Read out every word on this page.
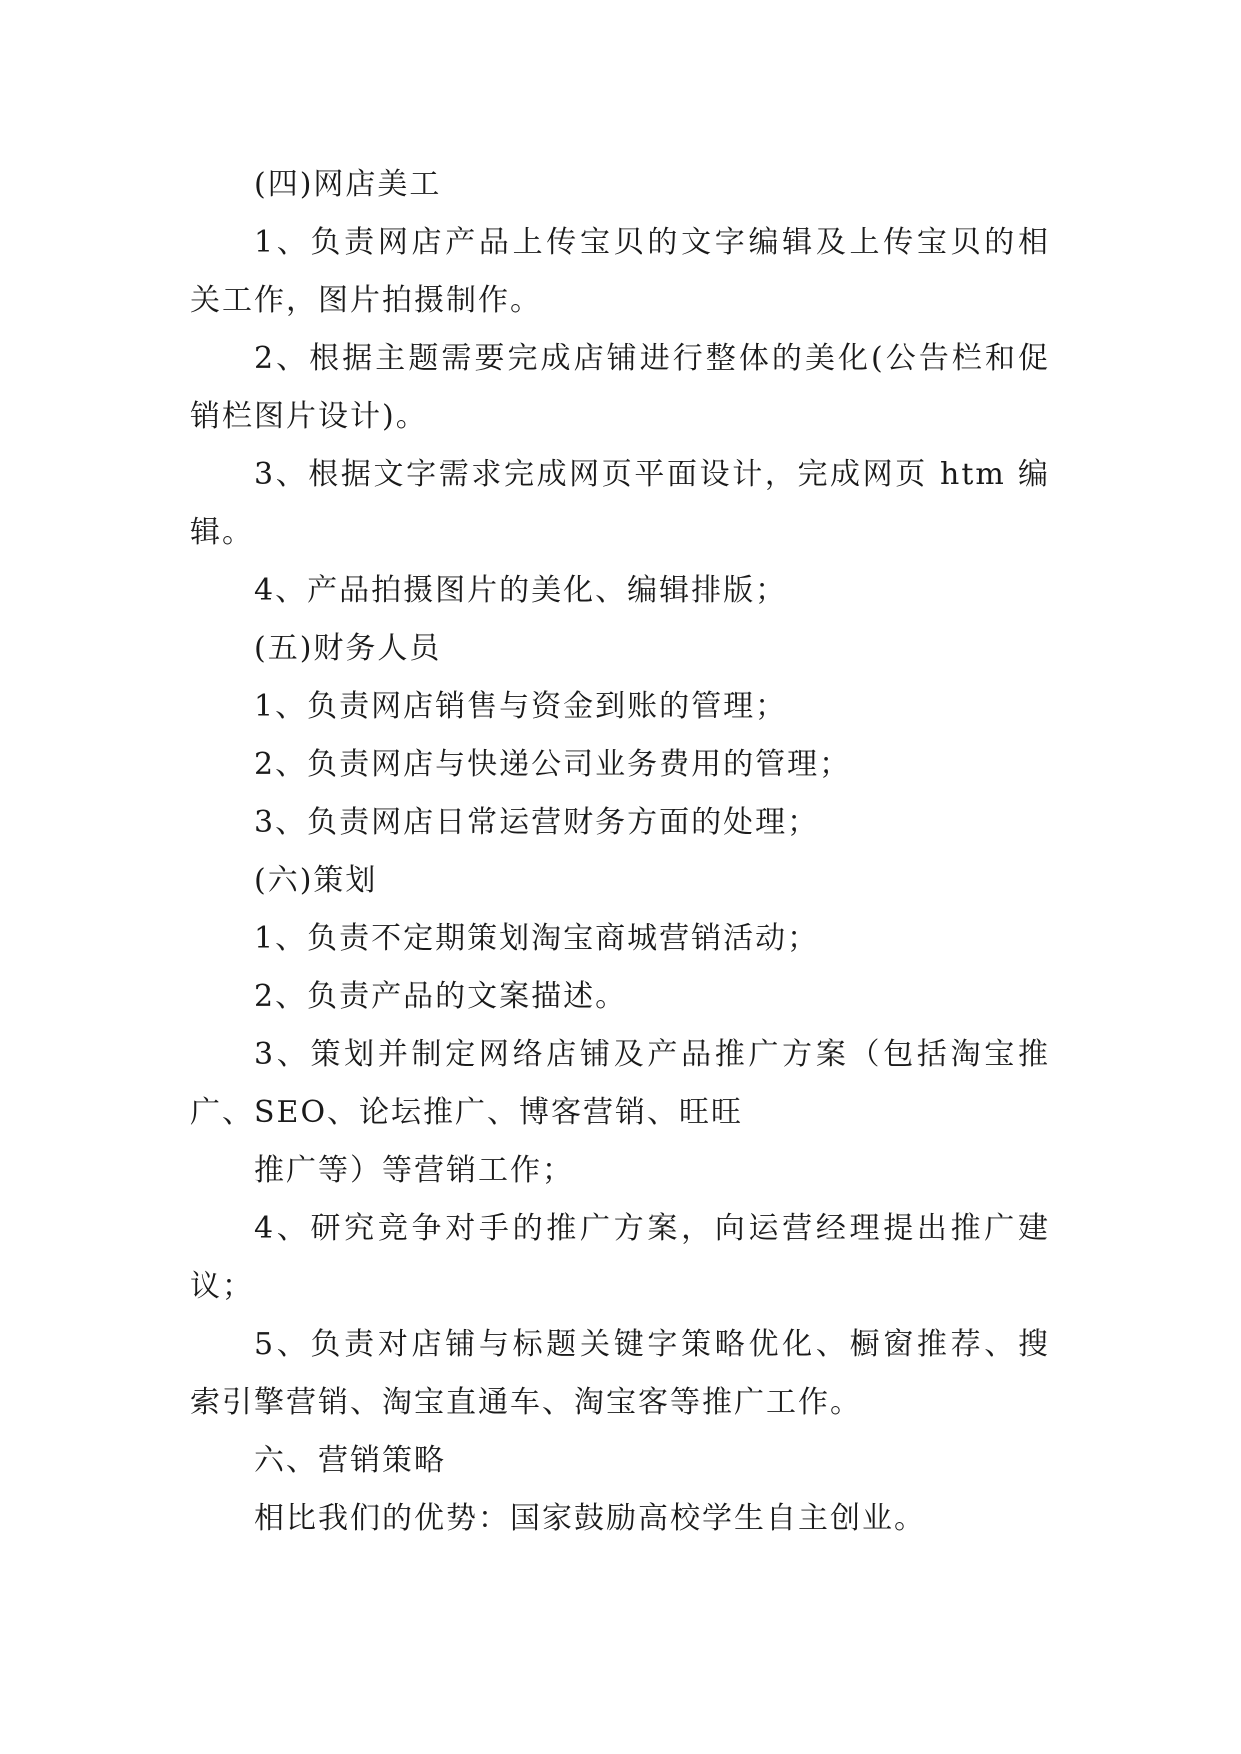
(四)网店美工
1、负责网店产品上传宝贝的文字编辑及上传宝贝的相
关工作，图片拍摄制作。
2、根据主题需要完成店铺进行整体的美化(公告栏和促
销栏图片设计)。
3、根据文字需求完成网页平面设计，完成网页 htm 编
辑。
4、产品拍摄图片的美化、编辑排版；
(五)财务人员
1、负责网店销售与资金到账的管理；
2、负责网店与快递公司业务费用的管理；
3、负责网店日常运营财务方面的处理；
(六)策划
1、负责不定期策划淘宝商城营销活动；
2、负责产品的文案描述。
3、策划并制定网络店铺及产品推广方案（包括淘宝推
广、SEO、论坛推广、博客营销、旺旺
推广等）等营销工作；
4、研究竞争对手的推广方案，向运营经理提出推广建
议；
5、负责对店铺与标题关键字策略优化、橱窗推荐、搜
索引擎营销、淘宝直通车、淘宝客等推广工作。
六、营销策略
相比我们的优势：国家鼓励高校学生自主创业。
